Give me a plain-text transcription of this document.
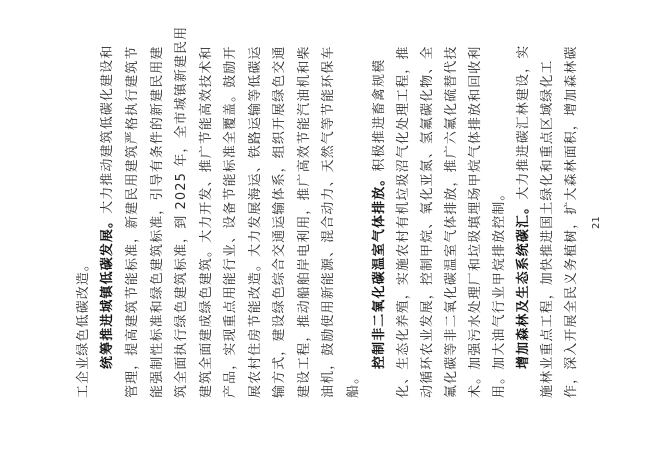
工企业绿色低碳改造。 统筹推进城镇低碳发展。大力推动建筑低碳化建设和 管理，提高建筑节能标准，新建民用建筑严格执行建筑节 能强制性标准和绿色建筑标准，引导有条件的新建民用建 筑全面执行绿色建筑标准，到 2025 年，全市城镇新建民用 建筑全面建成绿色建筑。大力开发、推广节能高效技术和 产品，实现重点用能行业、设备节能标准全覆盖。鼓励开 展农村住房节能改造。大力发展海运、铁路运输等低碳运 输方式，建设绿色综合交通运输体系，组织开展绿色交通 建设工程，推动船舶岸电利用，推广高效节能汽油机和柴 油机，鼓励使用新能源、混合动力、天然气等节能环保车 船。
控制非二氧化碳温室气体排放。积极推进畜禽规模 化、生态化养殖，实施农村有机垃圾沼气化处理工程，推 动循环农业发展，控制甲烷、氧化亚氮、氢氟碳化物、全 氟化碳等非二氧化碳温室气体排放，推广六氟化硫替代技 术。加强污水处理厂和垃圾填埋场甲烷气体排放和回收利 用。加大油气行业甲烷排放控制。 增加森林及生态系统碳汇。大力推进碳汇林建设，实 施林业重点工程，加快推进国土绿化和重点区域绿化工 作，深入开展全民义务植树，扩大森林面积，增加森林碳 21
